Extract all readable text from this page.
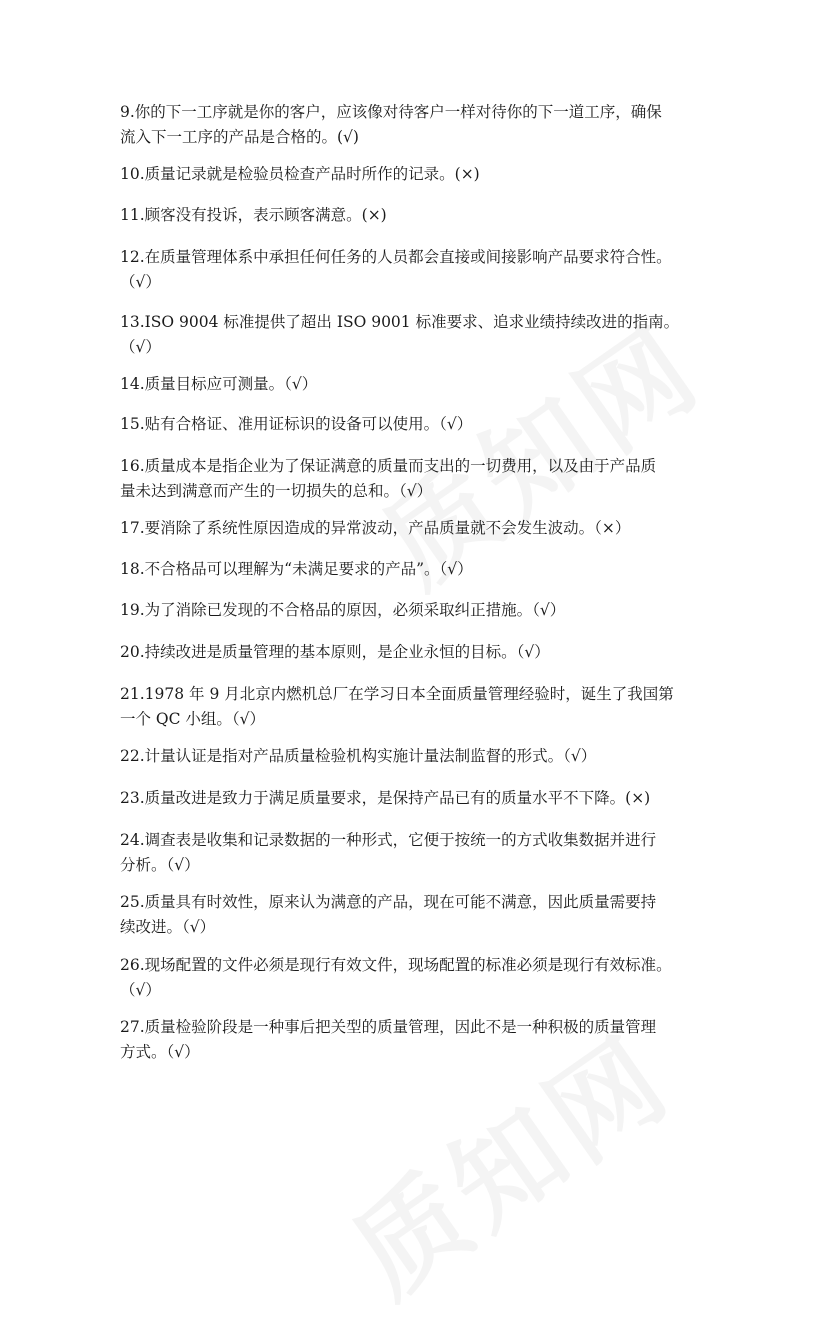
9.你的下一工序就是你的客户，应该像对待客户一样对待你的下一道工序，确保
流入下一工序的产品是合格的。(√)
10.质量记录就是检验员检查产品时所作的记录。(×)
11.顾客没有投诉，表示顾客满意。(×)
12.在质量管理体系中承担任何任务的人员都会直接或间接影响产品要求符合性。
（√）
13.ISO 9004 标准提供了超出 ISO 9001 标准要求、追求业绩持续改进的指南。
（√）
14.质量目标应可测量。（√）
15.贴有合格证、准用证标识的设备可以使用。（√）
16.质量成本是指企业为了保证满意的质量而支出的一切费用，以及由于产品质
量未达到满意而产生的一切损失的总和。（√）
17.要消除了系统性原因造成的异常波动，产品质量就不会发生波动。（×）
18.不合格品可以理解为“未满足要求的产品”。（√）
19.为了消除已发现的不合格品的原因，必须采取纠正措施。（√）
20.持续改进是质量管理的基本原则，是企业永恒的目标。（√）
21.1978 年 9 月北京内燃机总厂在学习日本全面质量管理经验时，诞生了我国第
一个 QC 小组。（√）
22.计量认证是指对产品质量检验机构实施计量法制监督的形式。（√）
23.质量改进是致力于满足质量要求，是保持产品已有的质量水平不下降。(×)
24.调查表是收集和记录数据的一种形式，它便于按统一的方式收集数据并进行
分析。（√）
25.质量具有时效性，原来认为满意的产品，现在可能不满意，因此质量需要持
续改进。（√）
26.现场配置的文件必须是现行有效文件，现场配置的标准必须是现行有效标准。
（√）
27.质量检验阶段是一种事后把关型的质量管理，因此不是一种积极的质量管理
方式。（√）
